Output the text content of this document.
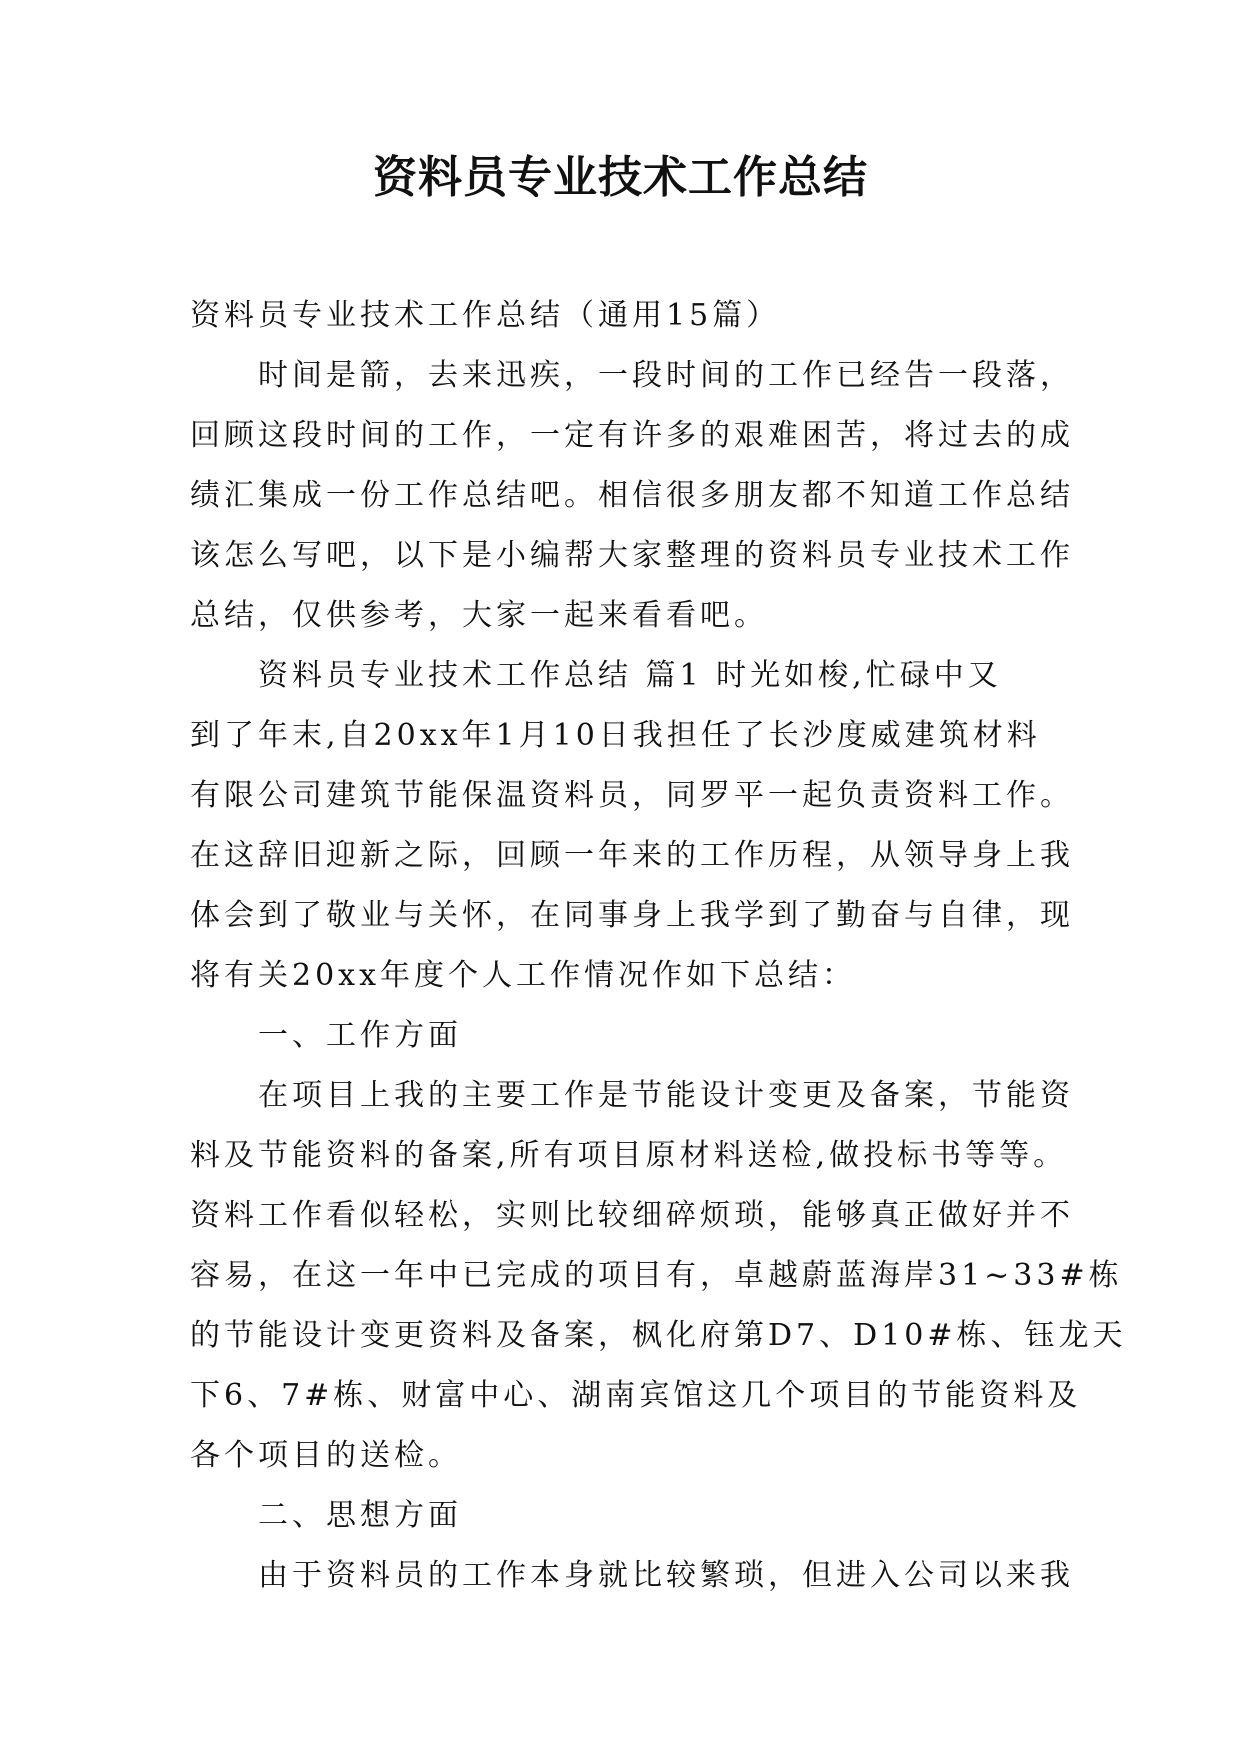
资料员专业技术工作总结
资料员专业技术工作总结（通用15篇）
时间是箭，去来迅疾，一段时间的工作已经告一段落，
回顾这段时间的工作，一定有许多的艰难困苦，将过去的成
绩汇集成一份工作总结吧。相信很多朋友都不知道工作总结
该怎么写吧，以下是小编帮大家整理的资料员专业技术工作
总结，仅供参考，大家一起来看看吧。
资料员专业技术工作总结 篇1 时光如梭,忙碌中又
到了年末,自20xx年1月10日我担任了长沙度威建筑材料
有限公司建筑节能保温资料员，同罗平一起负责资料工作。
在这辞旧迎新之际，回顾一年来的工作历程，从领导身上我
体会到了敬业与关怀，在同事身上我学到了勤奋与自律，现
将有关20xx年度个人工作情况作如下总结：
一、工作方面
在项目上我的主要工作是节能设计变更及备案，节能资
料及节能资料的备案,所有项目原材料送检,做投标书等等。
资料工作看似轻松，实则比较细碎烦琐，能够真正做好并不
容易，在这一年中已完成的项目有，卓越蔚蓝海岸31~33#栋
的节能设计变更资料及备案，枫化府第D7、D10#栋、钰龙天
下6、7#栋、财富中心、湖南宾馆这几个项目的节能资料及
各个项目的送检。
二、思想方面
由于资料员的工作本身就比较繁琐，但进入公司以来我
